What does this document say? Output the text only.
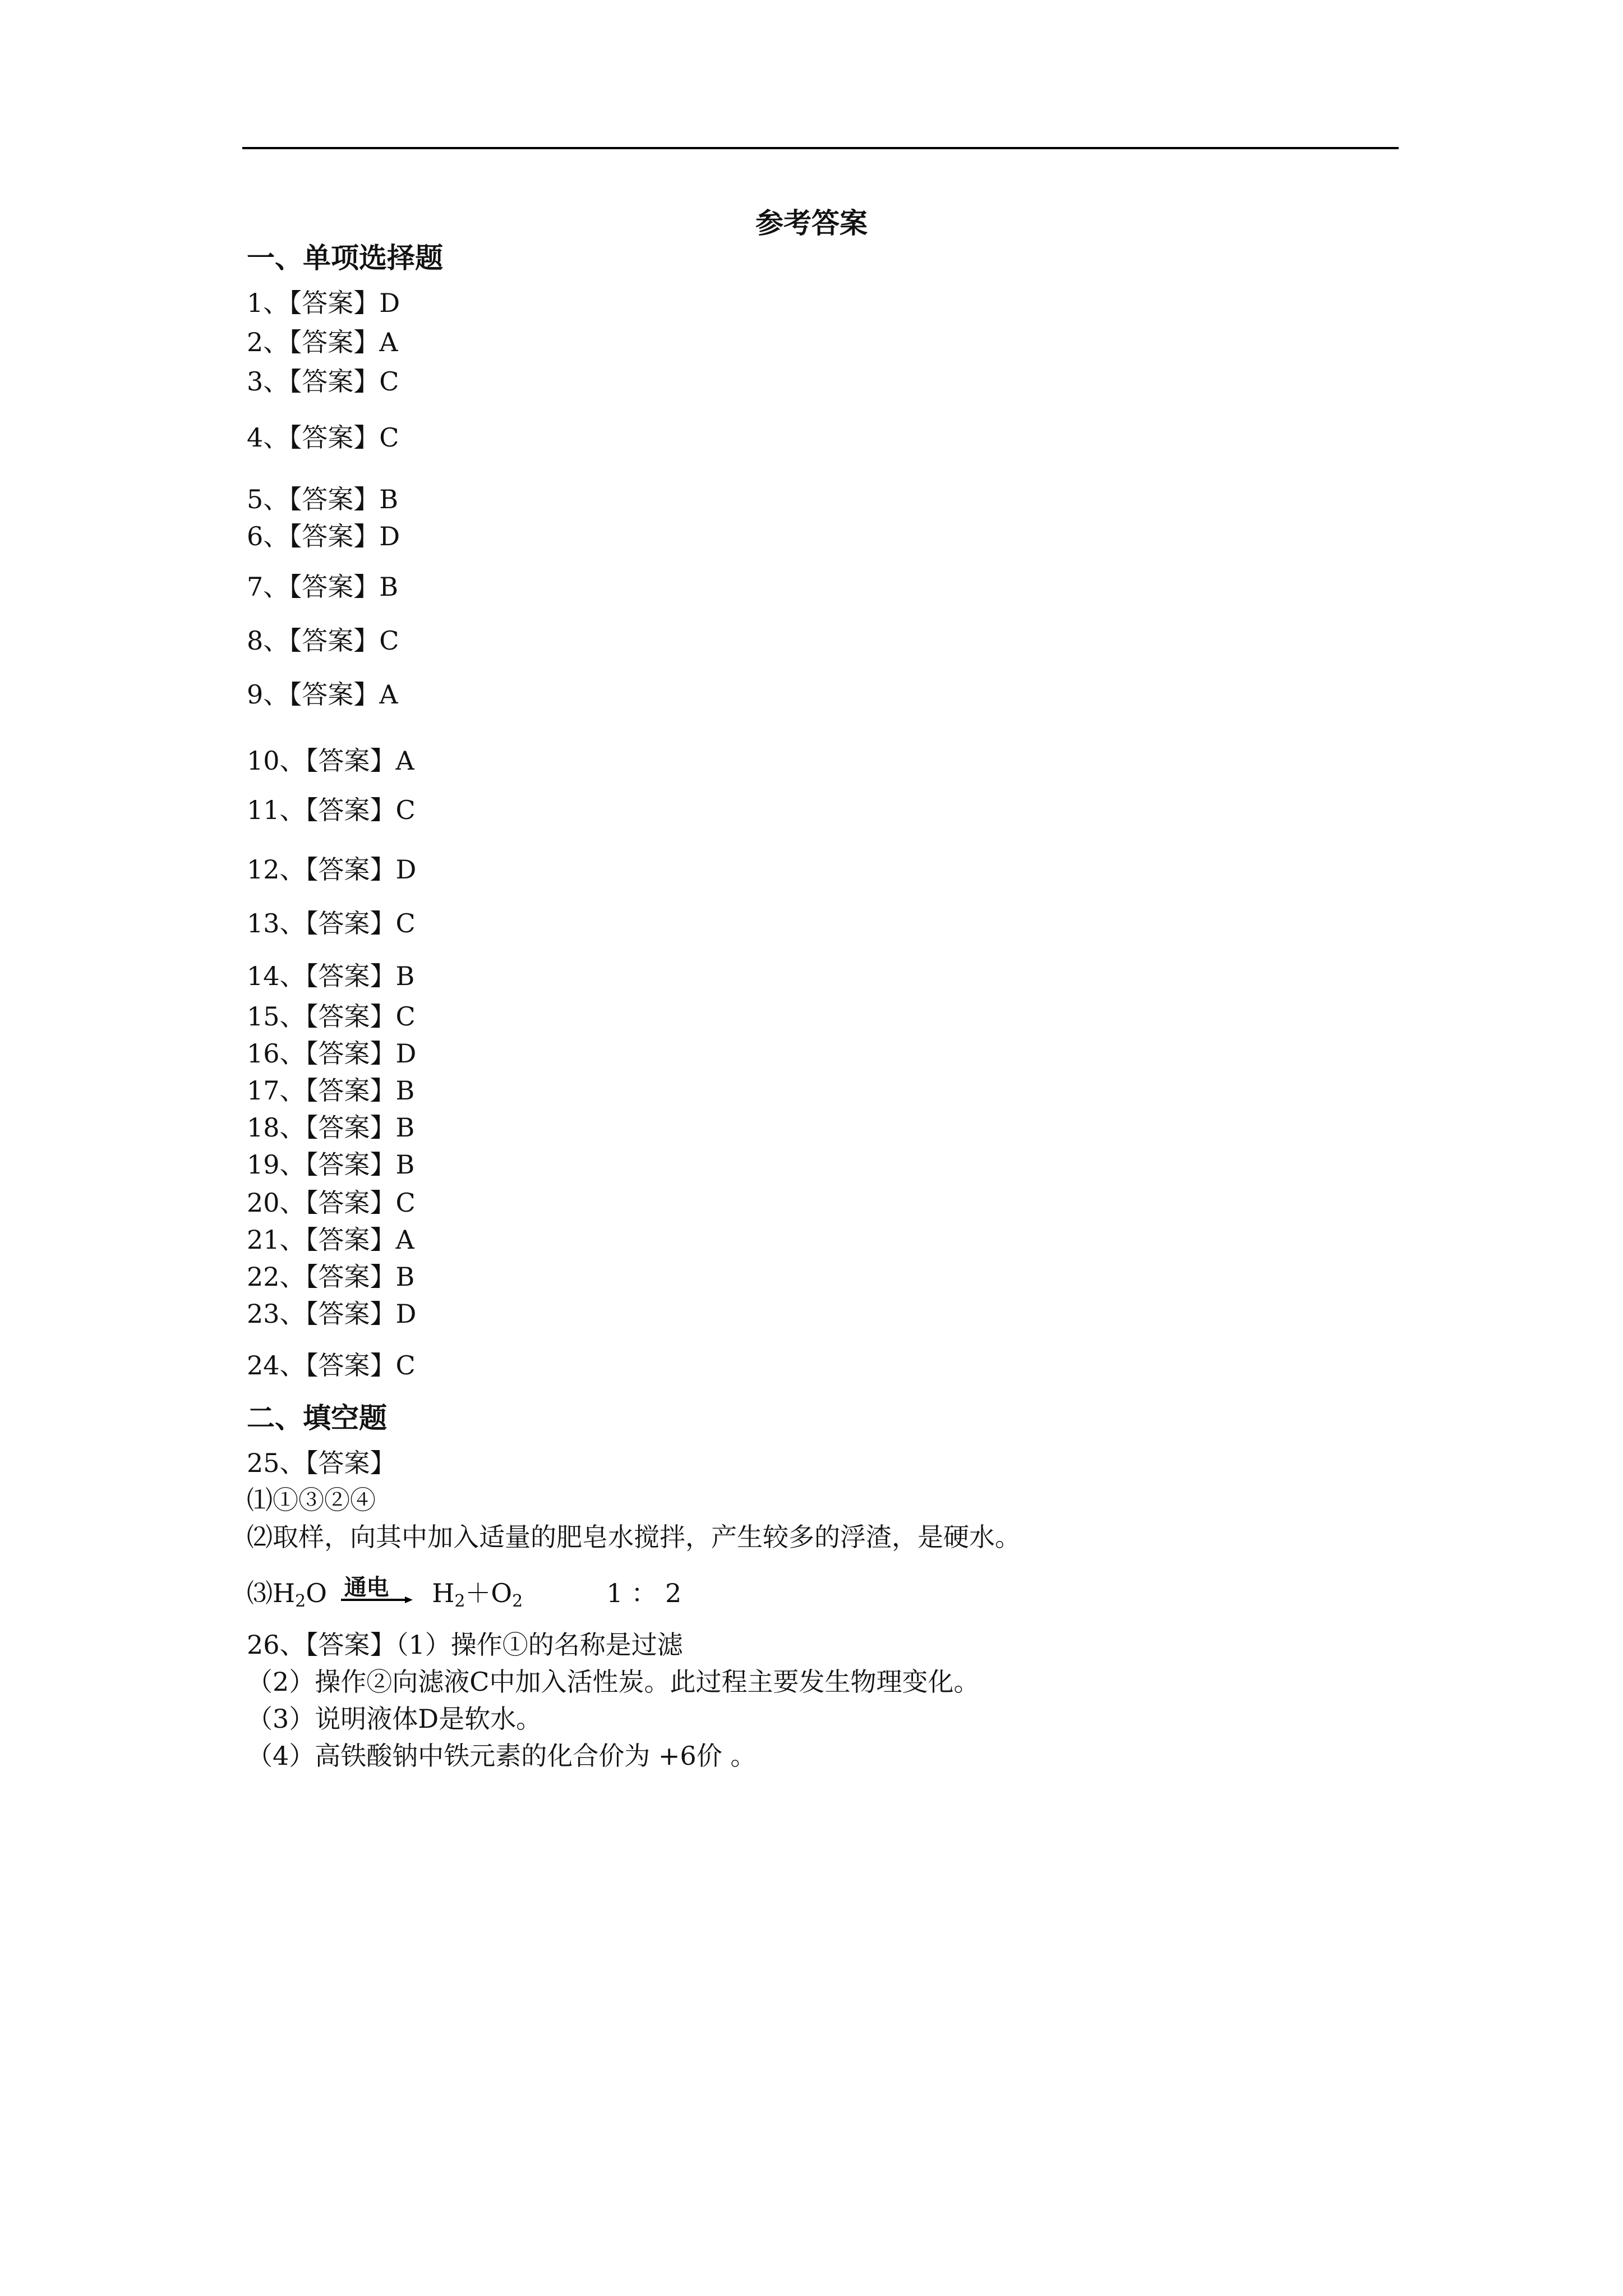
参考答案
一、单项选择题
1、【答案】D
2、【答案】A
3、【答案】C
4、【答案】C
5、【答案】B
6、【答案】D
7、【答案】B
8、【答案】C
9、【答案】A
10、【答案】A
11、【答案】C
12、【答案】D
13、【答案】C
14、【答案】B
15、【答案】C
16、【答案】D
17、【答案】B
18、【答案】B
19、【答案】B
20、【答案】C
21、【答案】A
22、【答案】B
23、【答案】D
24、【答案】C
二、填空题
25、【答案】
⑴①③②④
⑵取样，向其中加入适量的肥皂水搅拌，产生较多的浮渣，是硬水。
$⑶H_2O$ 通电 $H_2+O_2$	1 ： 2
26、【答案】（1）操作①的名称是过滤
（2）操作②向滤液C中加入活性炭。此过程主要发生物理变化。
（3）说明液体D是软水。
（4）高铁酸钠中铁元素的化合价为 +6价 。
